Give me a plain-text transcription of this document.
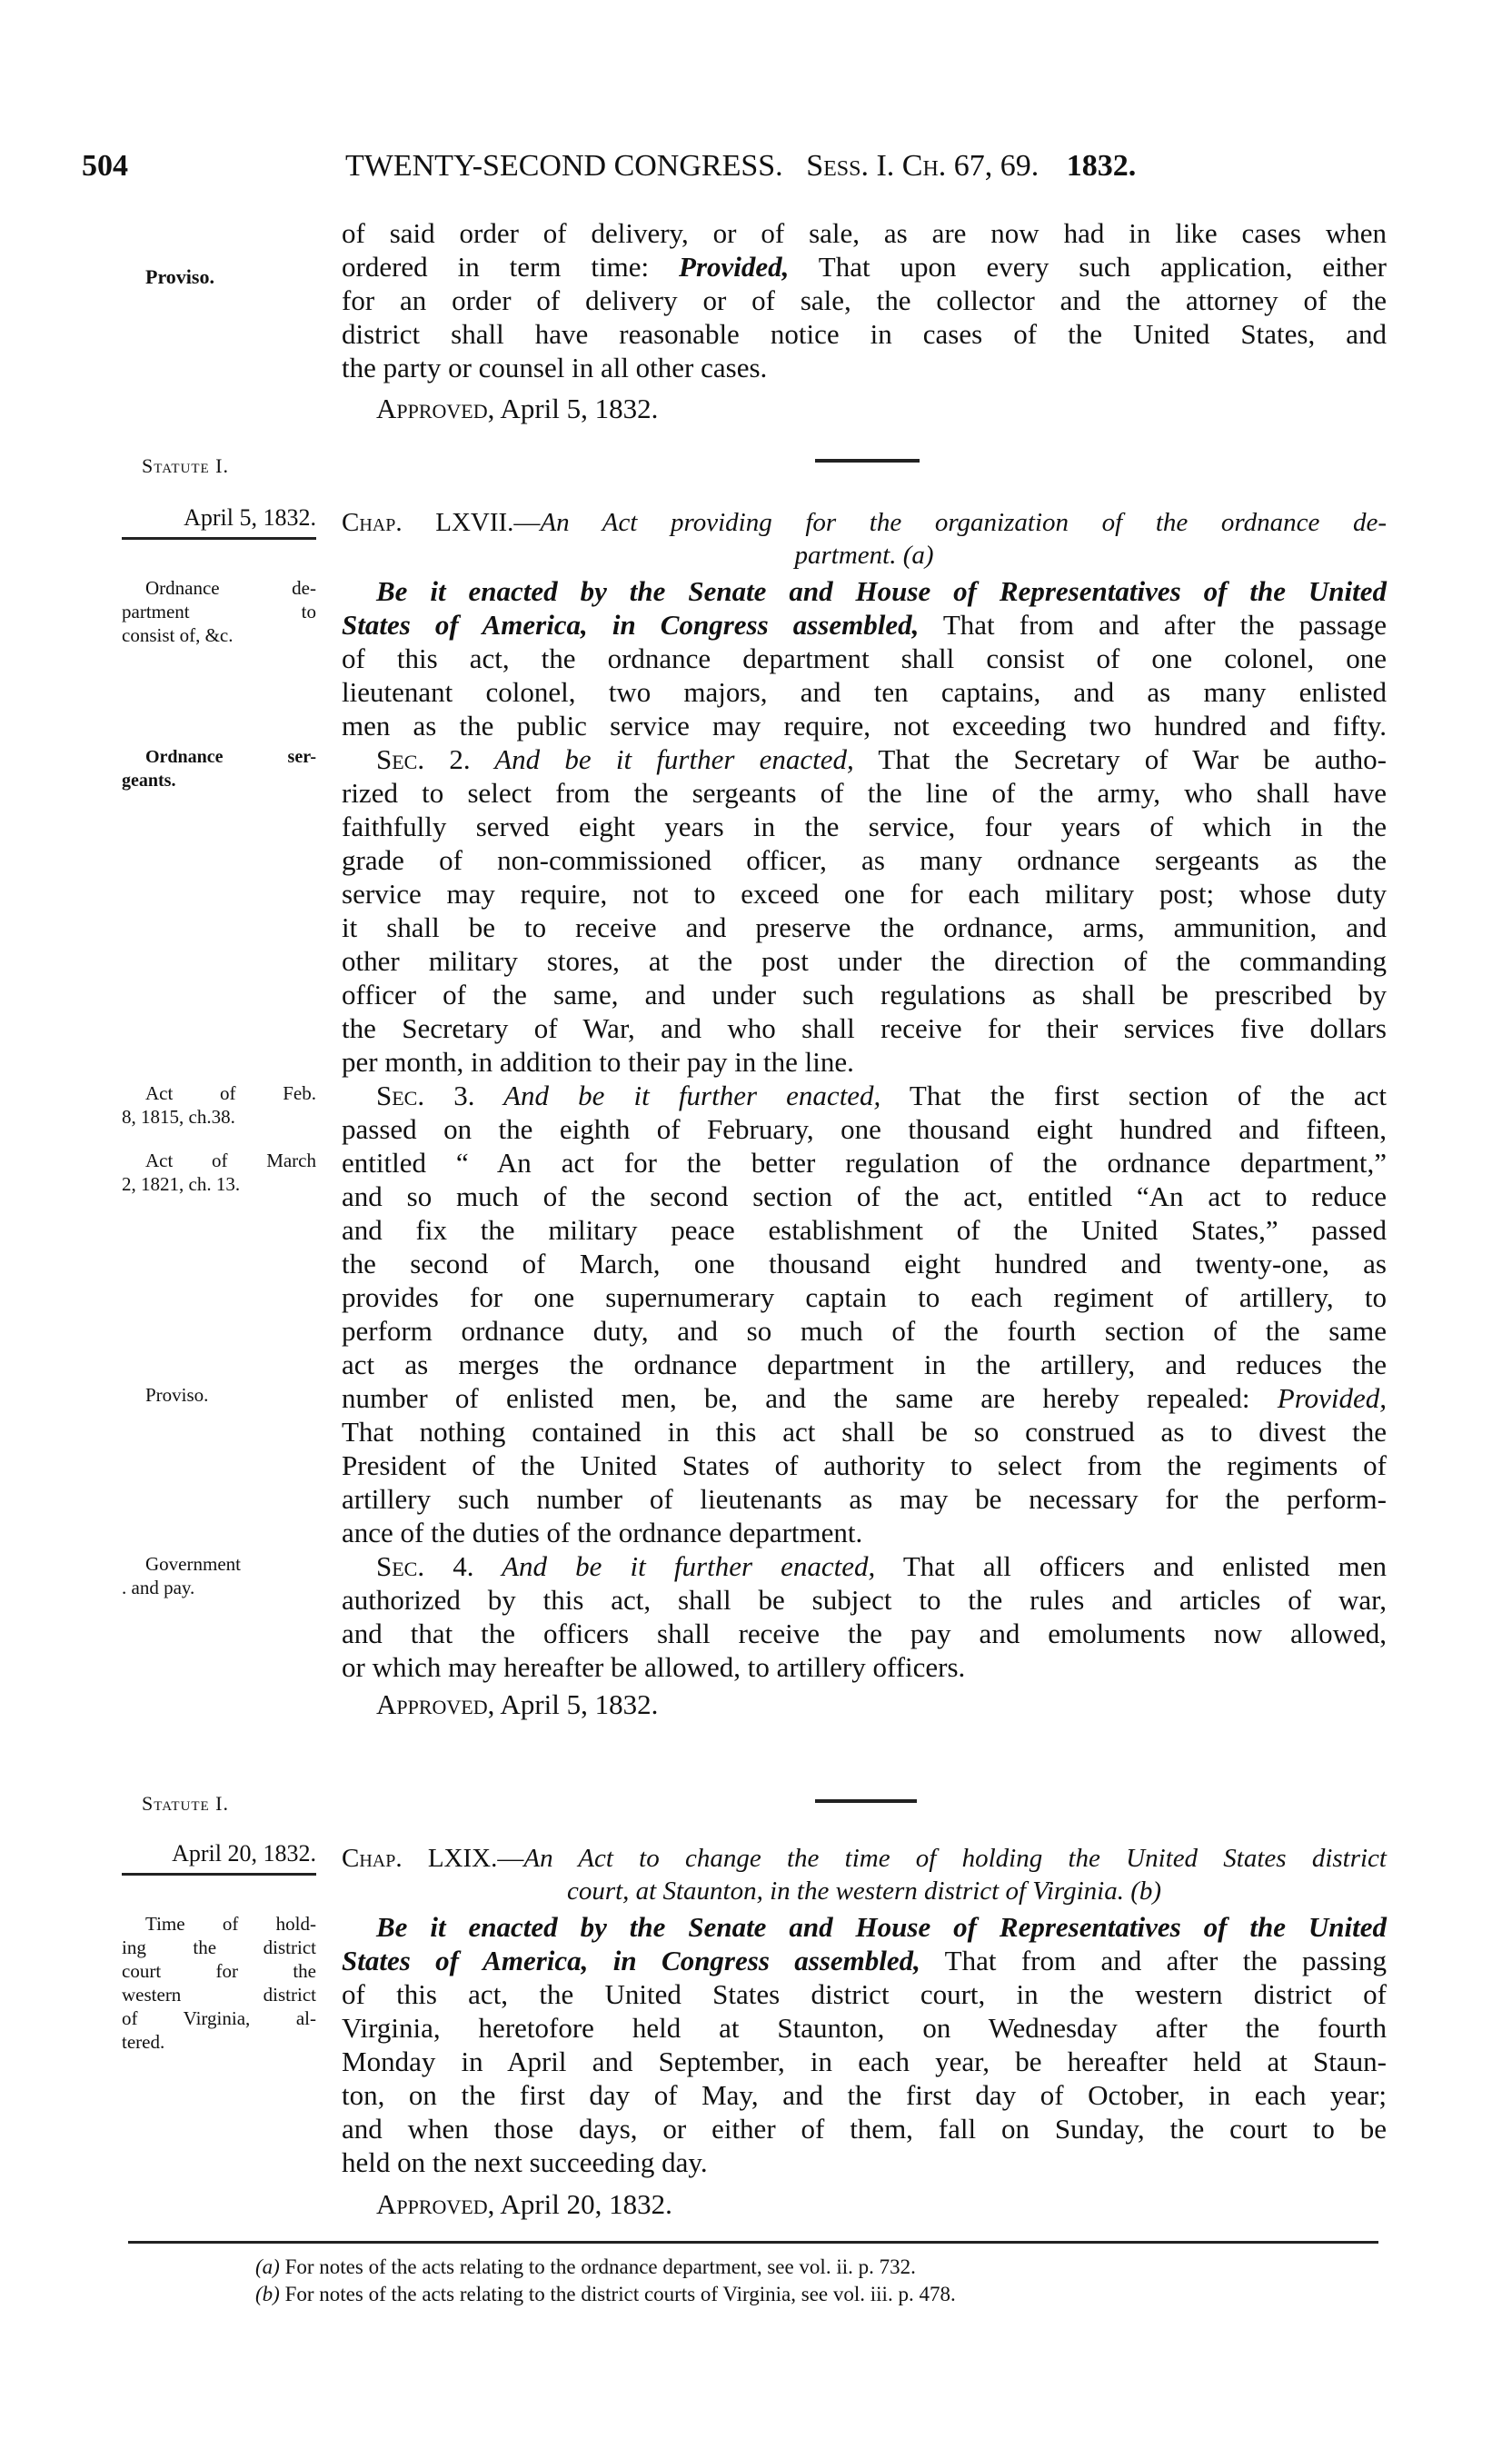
504	TWENTY-SECOND CONGRESS. Sess. I. Ch. 67, 69. 1832.
Proviso.
of said order of delivery, or of sale, as are now had in like cases when
ordered in term time: Provided, That upon every such application, either
for an order of delivery or of sale, the collector and the attorney of the
district shall have reasonable notice in cases of the United States, and
the party or counsel in all other cases.
Approved, April 5, 1832.
Statute I.
April 5, 1832. Chap. LXVII.—An Act providing for the organization of the ordnance de-
partment. (a)
Ordnance de-
partment to
consist of, &c.
Be it enacted by the Senate and House of Representatives of the United
States of America, in Congress assembled, That from and after the passage
of this act, the ordnance department shall consist of one colonel, one
lieutenant colonel, two majors, and ten captains, and as many enlisted
men as the public service may require, not exceeding two hundred and fifty.
Ordnance ser-
geants.
Sec. 2. And be it further enacted, That the Secretary of War be autho-
rized to select from the sergeants of the line of the army, who shall have
faithfully served eight years in the service, four years of which in the
grade of non-commissioned officer, as many ordnance sergeants as the
service may require, not to exceed one for each military post; whose duty
it shall be to receive and preserve the ordnance, arms, ammunition, and
other military stores, at the post under the direction of the commanding
officer of the same, and under such regulations as shall be prescribed by
the Secretary of War, and who shall receive for their services five dollars
per month, in addition to their pay in the line.
Act of Feb.
8, 1815, ch.38.
Act of March
2, 1821, ch. 13.
Sec. 3. And be it further enacted, That the first section of the act
passed on the eighth of February, one thousand eight hundred and fifteen,
entitled “ An act for the better regulation of the ordnance department,”
and so much of the second section of the act, entitled “An act to reduce
and fix the military peace establishment of the United States,” passed
the second of March, one thousand eight hundred and twenty-one, as
provides for one supernumerary captain to each regiment of artillery, to
perform ordnance duty, and so much of the fourth section of the same
act as merges the ordnance department in the artillery, and reduces the
Proviso.	number of enlisted men, be, and the same are hereby repealed: Provided,
That nothing contained in this act shall be so construed as to divest the
President of the United States of authority to select from the regiments of
artillery such number of lieutenants as may be necessary for the perform-
ance of the duties of the ordnance department.
Government
. and pay.
Sec. 4. And be it further enacted, That all officers and enlisted men
authorized by this act, shall be subject to the rules and articles of war,
and that the officers shall receive the pay and emoluments now allowed,
or which may hereafter be allowed, to artillery officers.
Approved, April 5, 1832.
Statute I.
April 20, 1832. Chap. LXIX.—An Act to change the time of holding the United States district
court, at Staunton, in the western district of Virginia. (b)
Time of hold-
ing the district
court for the
western district
of Virginia, al-
tered.
Be it enacted by the Senate and House of Representatives of the United
States of America, in Congress assembled, That from and after the passing
of this act, the United States district court, in the western district of
Virginia, heretofore held at Staunton, on Wednesday after the fourth
Monday in April and September, in each year, be hereafter held at Staun-
ton, on the first day of May, and the first day of October, in each year;
and when those days, or either of them, fall on Sunday, the court to be
held on the next succeeding day.
Approved, April 20, 1832.
(a) For notes of the acts relating to the ordnance department, see vol. ii. p. 732.
(b) For notes of the acts relating to the district courts of Virginia, see vol. iii. p. 478.
